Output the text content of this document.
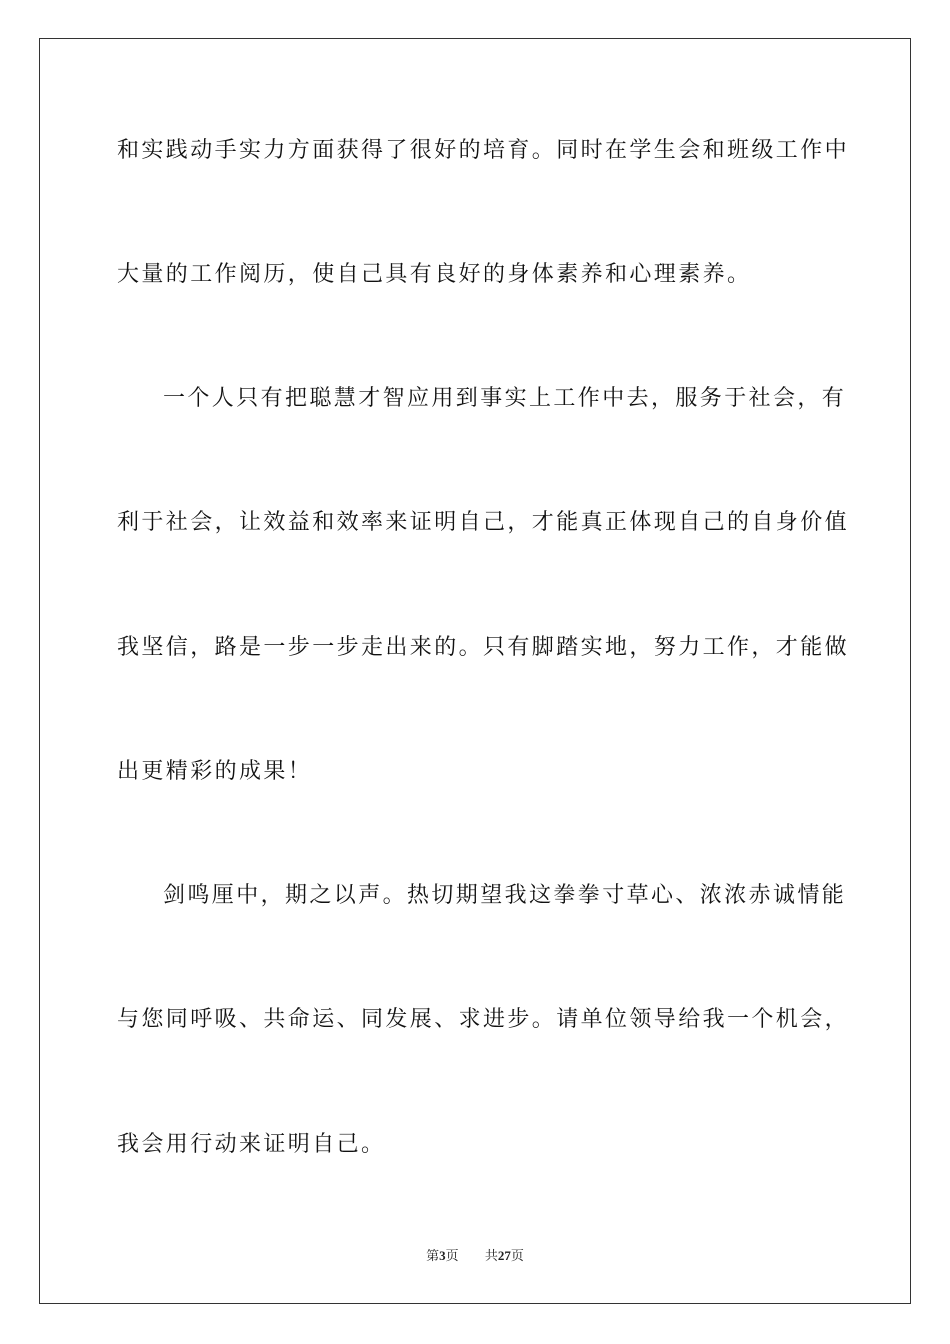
和实践动手实力方面获得了很好的培育。同时在学生会和班级工作中
大量的工作阅历，使自己具有良好的身体素养和心理素养。
一个人只有把聪慧才智应用到事实上工作中去，服务于社会，有
利于社会，让效益和效率来证明自己，才能真正体现自己的自身价值
我坚信，路是一步一步走出来的。只有脚踏实地，努力工作，才能做
出更精彩的成果！
剑鸣厘中，期之以声。热切期望我这拳拳寸草心、浓浓赤诚情能
与您同呼吸、共命运、同发展、求进步。请单位领导给我一个机会，
我会用行动来证明自己。
第3页 共27页
